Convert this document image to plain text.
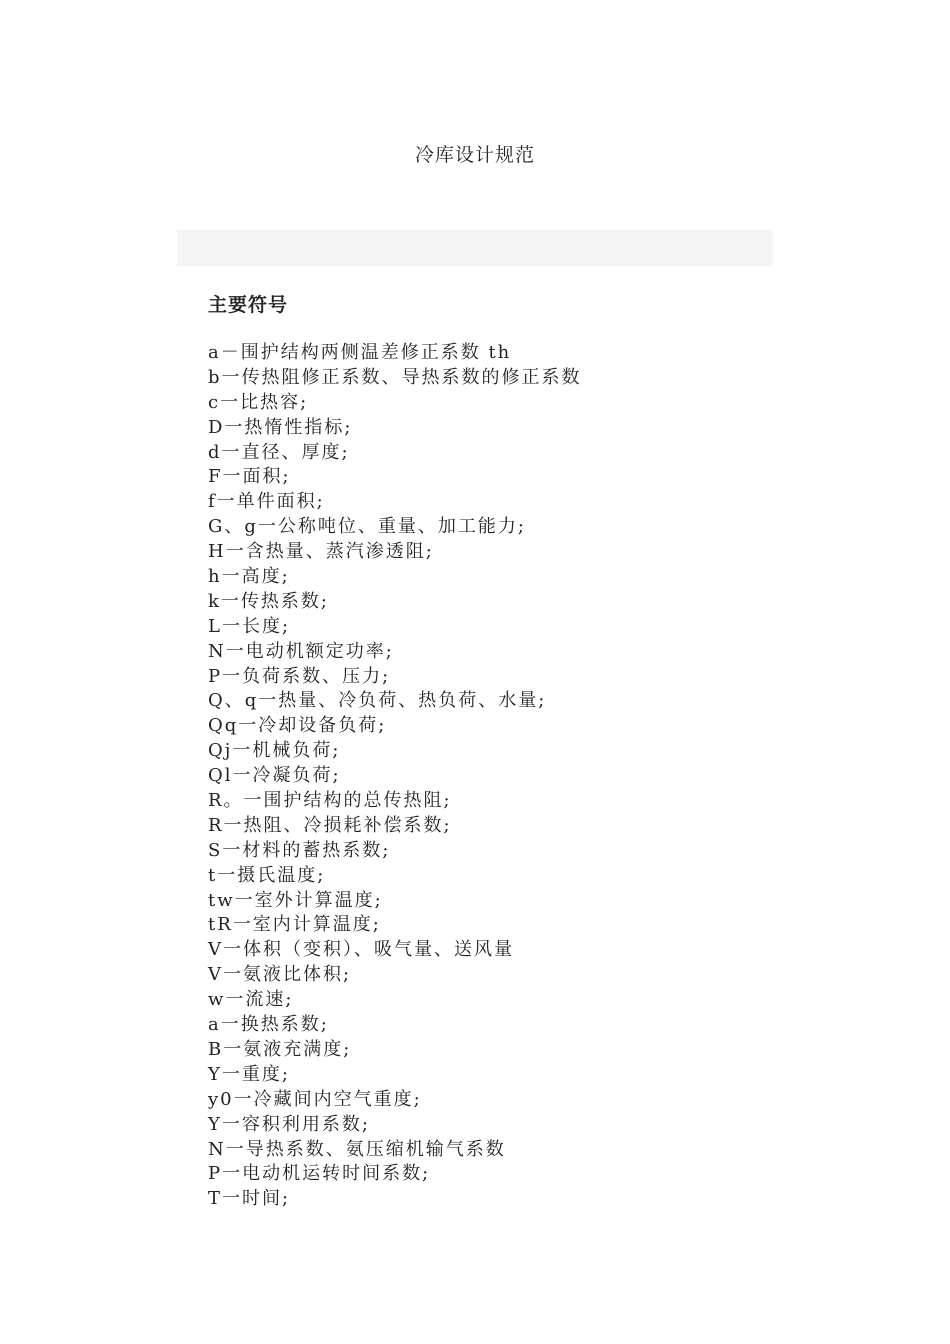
冷库设计规范
主要符号
a－围护结构两侧温差修正系数 th
b一传热阻修正系数、导热系数的修正系数
c一比热容;
D一热惰性指标;
d一直径、厚度;
F一面积;
f一单件面积;
G、g一公称吨位、重量、加工能力;
H一含热量、蒸汽渗透阻;
h一高度;
k一传热系数;
L一长度;
N一电动机额定功率;
P一负荷系数、压力;
Q、q一热量、冷负荷、热负荷、水量;
Qq一冷却设备负荷;
Qj一机械负荷;
Ql一冷凝负荷;
R。一围护结构的总传热阻;
R一热阻、冷损耗补偿系数;
S一材料的蓄热系数;
t一摄氏温度;
tw一室外计算温度;
tR一室内计算温度;
V一体积（变积）、吸气量、送风量
V一氨液比体积;
w一流速;
a一换热系数;
B一氨液充满度;
Y一重度;
y0一冷藏间内空气重度;
Y一容积利用系数;
N一导热系数、氨压缩机输气系数
P一电动机运转时间系数;
T一时间;
